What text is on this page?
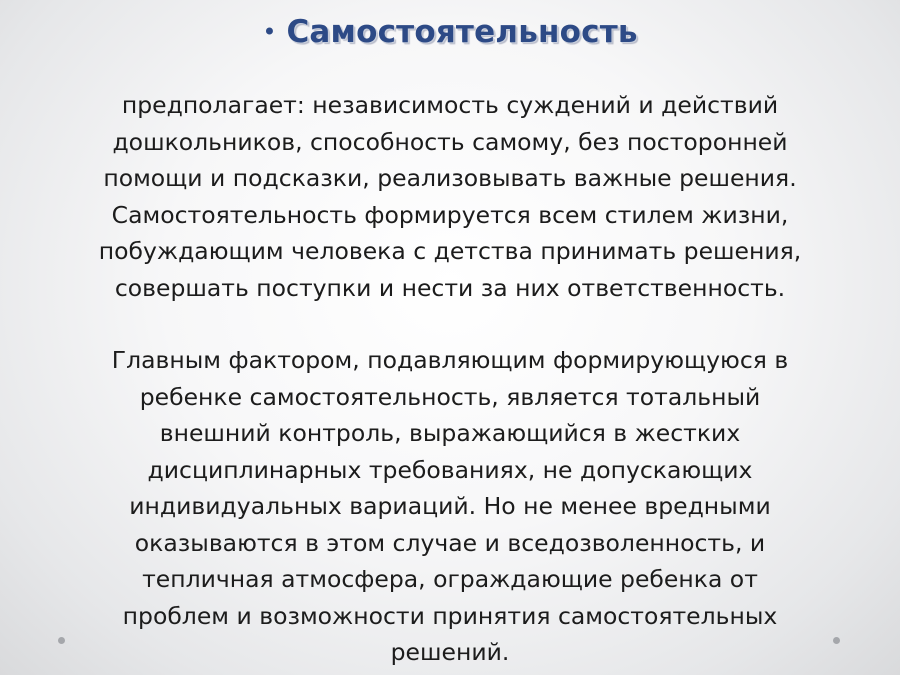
• Самостоятельность

предполагает: независимость суждений и действий
дошкольников, способность самому, без посторонней
помощи и подсказки, реализовывать важные решения.
Самостоятельность формируется всем стилем жизни,
побуждающим человека с детства принимать решения,
совершать поступки и нести за них ответственность.

Главным фактором, подавляющим формирующуюся в
ребенке самостоятельность, является тотальный
внешний контроль, выражающийся в жестких
дисциплинарных требованиях, не допускающих
индивидуальных вариаций. Но не менее вредными
оказываются в этом случае и вседозволенность, и
тепличная атмосфера, ограждающие ребенка от
проблем и возможности принятия самостоятельных
решений.
